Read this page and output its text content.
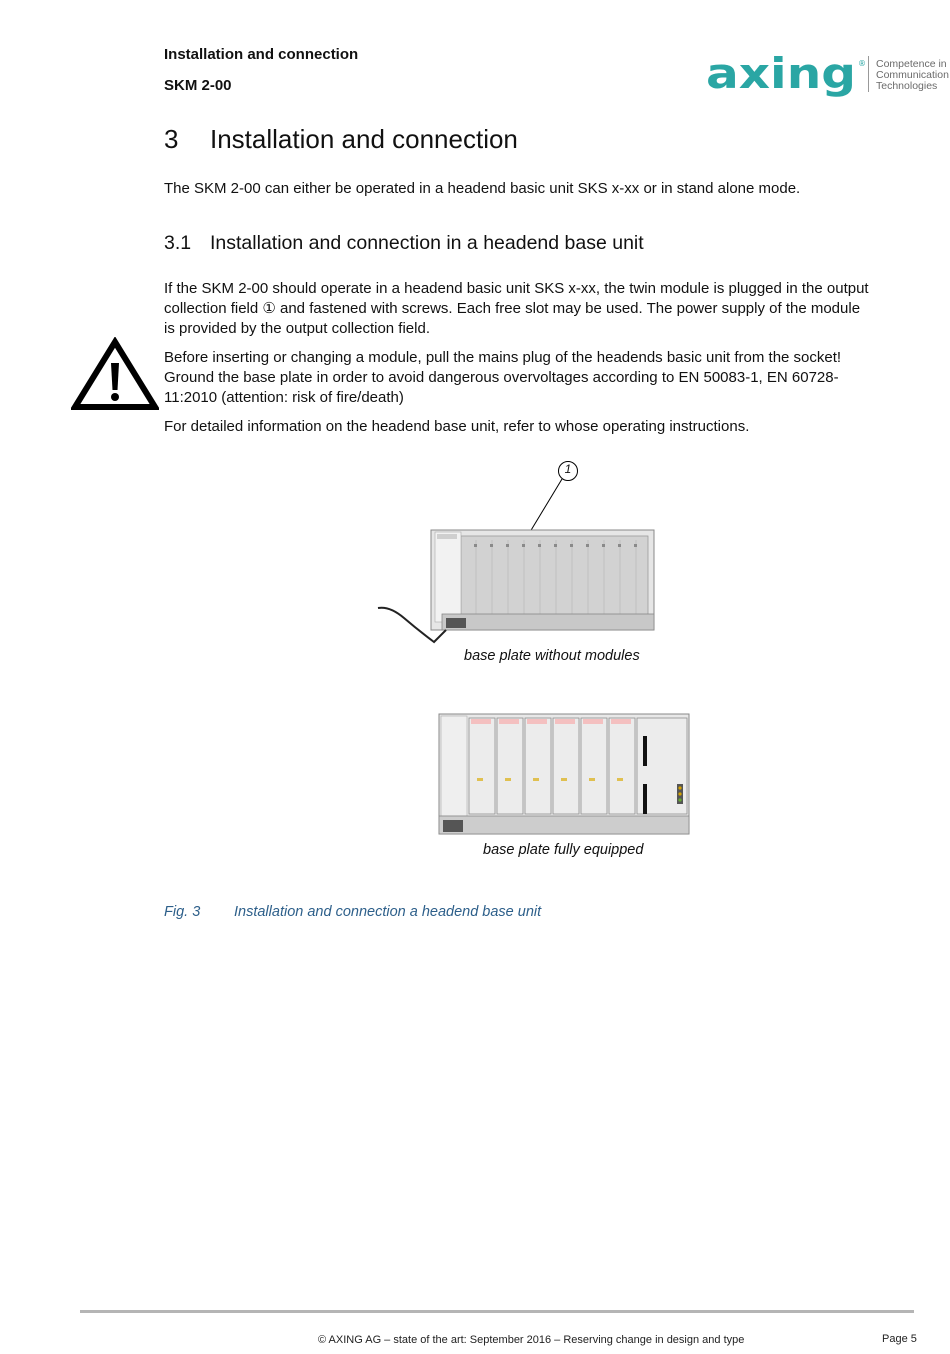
Installation and connection
SKM 2-00	axing ® Competence in
Communication
Technologies
3 Installation and connection
The SKM 2-00 can either be operated in a headend basic unit SKS x-xx or in stand alone mode.
3.1 Installation and connection in a headend base unit
If the SKM 2-00 should operate in a headend basic unit SKS x-xx, the twin module is plugged in the output
collection field ① and fastened with screws. Each free slot may be used. The power supply of the module
is provided by the output collection field.
Before inserting or changing a module, pull the mains plug of the headends basic unit from the socket!
Ground the base plate in order to avoid dangerous overvoltages according to EN 50083-1, EN 60728-
11:2010 (attention: risk of fire/death)
For detailed information on the headend base unit, refer to whose operating instructions.
1
base plate without modules
base plate fully equipped
Fig. 3 Installation and connection a headend base unit
© AXING AG – state of the art: September 2016 – Reserving change in design and type	Page 5
